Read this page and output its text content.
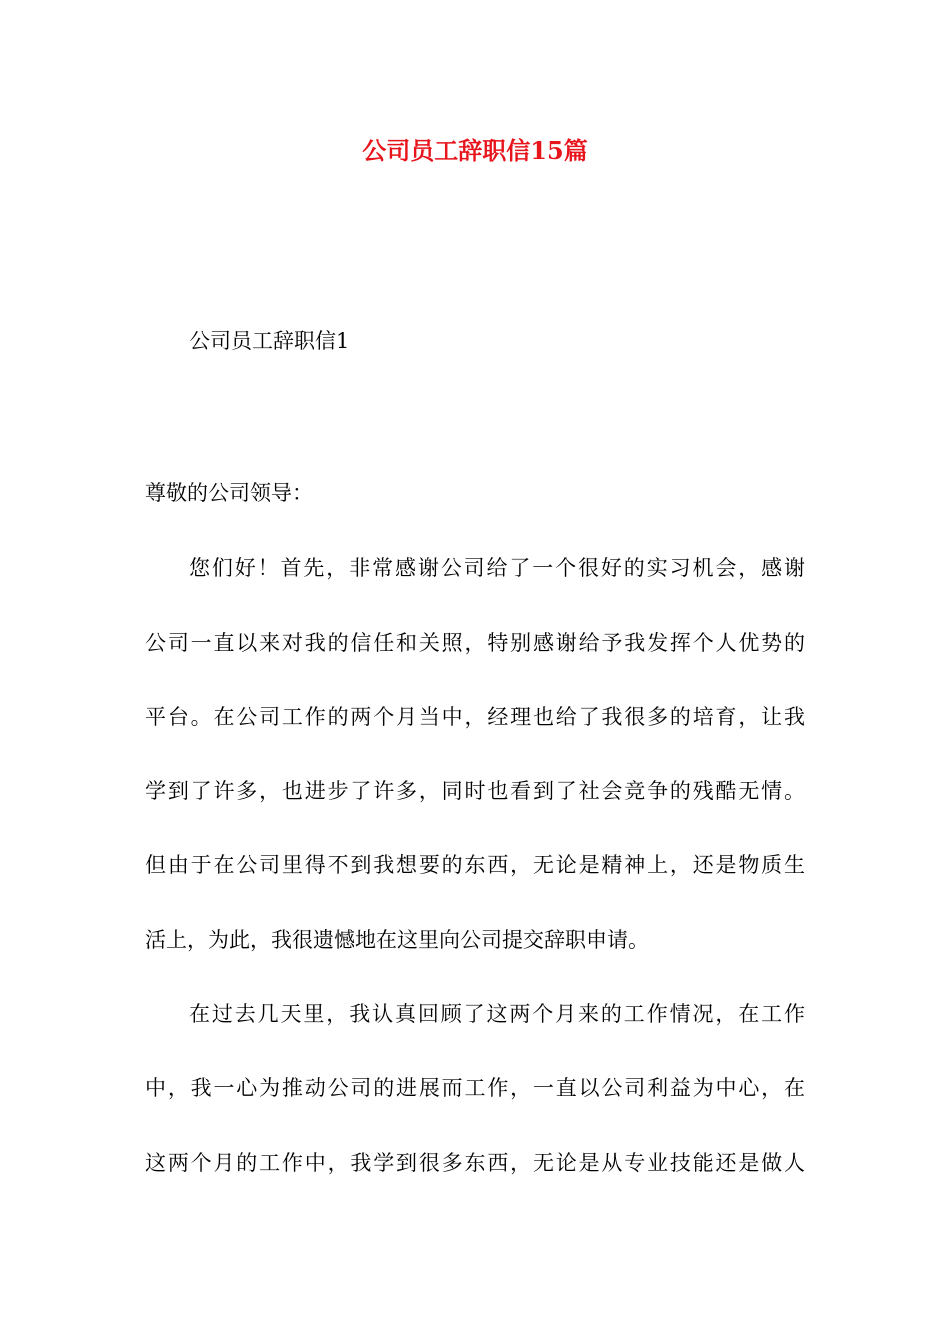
公司员工辞职信15篇
公司员工辞职信1
尊敬的公司领导：
您们好！首先，非常感谢公司给了一个很好的实习机会，感谢
公司一直以来对我的信任和关照，特别感谢给予我发挥个人优势的
平台。在公司工作的两个月当中，经理也给了我很多的培育，让我
学到了许多，也进步了许多，同时也看到了社会竞争的残酷无情。
但由于在公司里得不到我想要的东西，无论是精神上，还是物质生
活上，为此，我很遗憾地在这里向公司提交辞职申请。
在过去几天里，我认真回顾了这两个月来的工作情况，在工作
中，我一心为推动公司的进展而工作，一直以公司利益为中心，在
这两个月的工作中，我学到很多东西，无论是从专业技能还是做人
